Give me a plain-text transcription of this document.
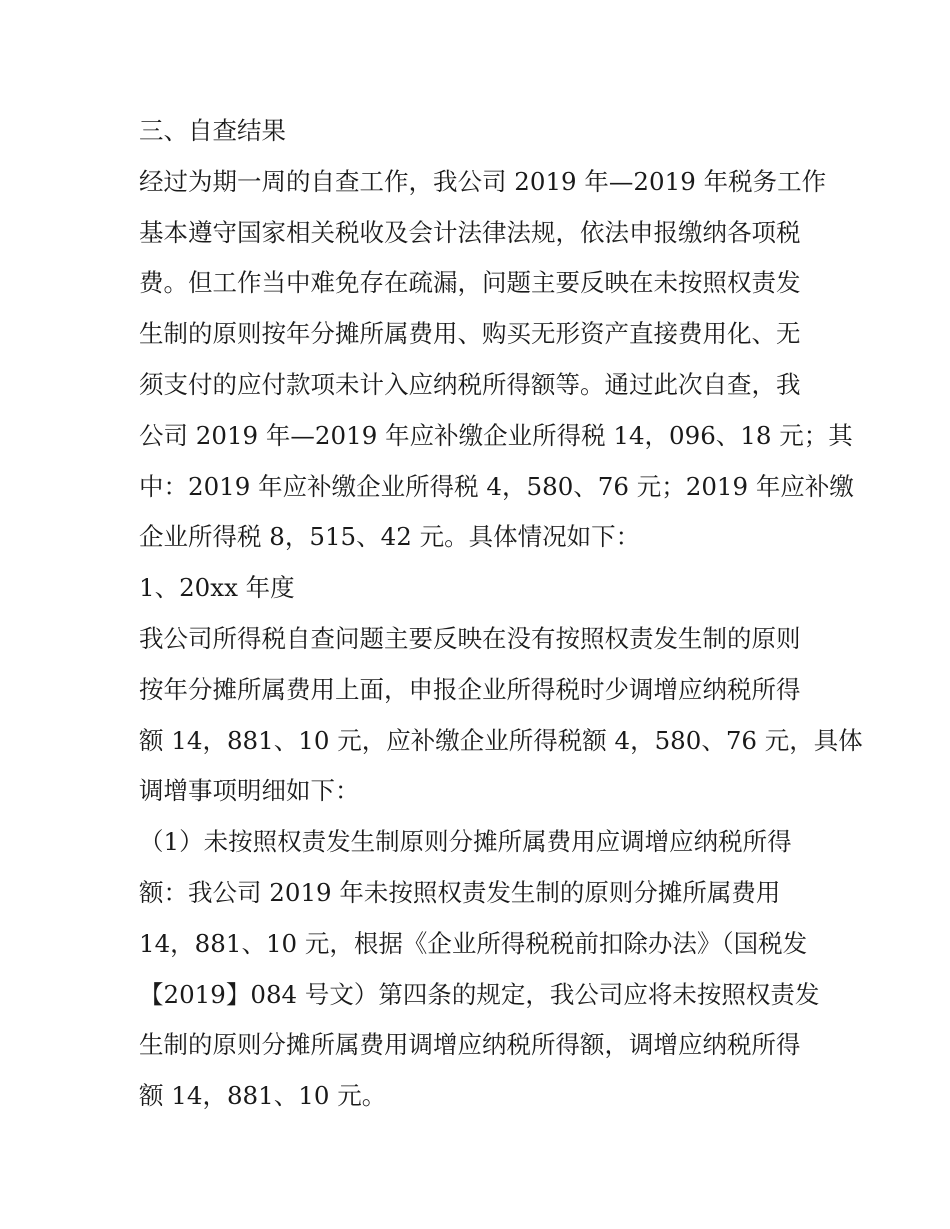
三、自查结果
经过为期一周的自查工作，我公司 2019 年—2019 年税务工作
基本遵守国家相关税收及会计法律法规，依法申报缴纳各项税
费。但工作当中难免存在疏漏，问题主要反映在未按照权责发
生制的原则按年分摊所属费用、购买无形资产直接费用化、无
须支付的应付款项未计入应纳税所得额等。通过此次自查，我
公司 2019 年—2019 年应补缴企业所得税 14，096、18 元；其
中：2019 年应补缴企业所得税 4，580、76 元；2019 年应补缴
企业所得税 8，515、42 元。具体情况如下：
1、20xx 年度
我公司所得税自查问题主要反映在没有按照权责发生制的原则
按年分摊所属费用上面，申报企业所得税时少调增应纳税所得
额 14，881、10 元，应补缴企业所得税额 4，580、76 元，具体
调增事项明细如下：
（1）未按照权责发生制原则分摊所属费用应调增应纳税所得
额：我公司 2019 年未按照权责发生制的原则分摊所属费用
14，881、10 元，根据《企业所得税税前扣除办法》（国税发
【2019】084 号文）第四条的规定，我公司应将未按照权责发
生制的原则分摊所属费用调增应纳税所得额，调增应纳税所得
额 14，881、10 元。
